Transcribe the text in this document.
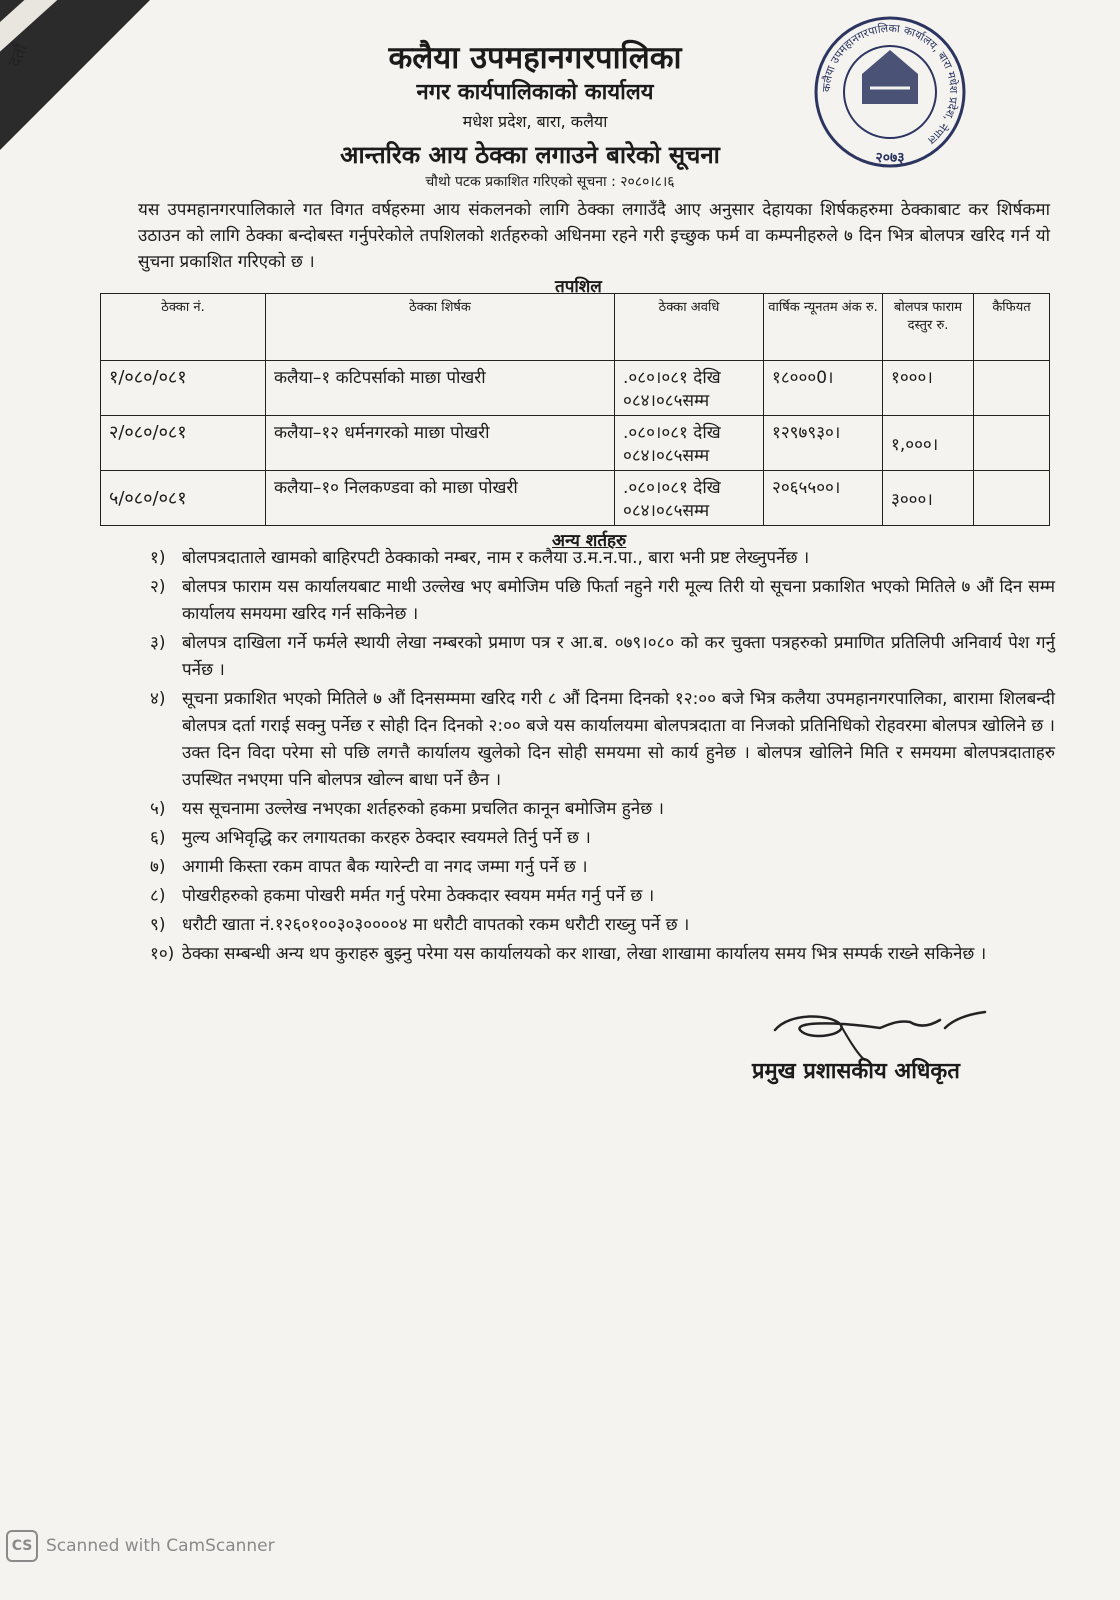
दर्ता	कलैया उपमहानगरपालिका
नगर कार्यपालिकाको कार्यालय
मधेश प्रदेश, बारा, कलैया
आन्तरिक आय ठेक्का लगाउने बारेको सूचना
चौथो पटक प्रकाशित गरिएको सूचना : २०८०।८।६
कलैया उपमहानगरपालिका कार्यालय, बारा मधेश प्रदेश, नेपाल
२०७३
यस उपमहानगरपालिकाले गत विगत वर्षहरुमा आय संकलनको लागि ठेक्का लगाउँदै आए अनुसार देहायका शिर्षकहरुमा ठेक्काबाट कर शिर्षकमा उठाउन को लागि ठेक्का बन्दोबस्त गर्नुपरेकोले तपशिलको शर्तहरुको अधिनमा रहने गरी इच्छुक फर्म वा कम्पनीहरुले ७ दिन भित्र बोलपत्र खरिद गर्न यो सुचना प्रकाशित गरिएको छ ।
तपशिल
ठेक्का नं.	ठेक्का शिर्षक	ठेक्का अवधि	वार्षिक न्यूनतम अंक रु.	बोलपत्र फाराम दस्तुर रु.	कैफियत
१/०८०/०८१	कलैया–१ कटिपर्साको माछा पोखरी	.०८०।०८१ देखि ०८४।०८५सम्म	१८०००0।	१०००।	
२/०८०/०८१	कलैया–१२ धर्मनगरको माछा पोखरी	.०८०।०८१ देखि ०८४।०८५सम्म	१२९७९३०।	१,०००।	
५/०८०/०८१	कलैया–१० निलकण्डवा को माछा पोखरी	.०८०।०८१ देखि ०८४।०८५सम्म	२०६५५००।	३०००।	
अन्य शर्तहरु
१) बोलपत्रदाताले खामको बाहिरपटी ठेक्काको नम्बर, नाम र कलैया उ.म.न.पा., बारा भनी प्रष्ट लेख्नुपर्नेछ ।
२) बोलपत्र फाराम यस कार्यालयबाट माथी उल्लेख भए बमोजिम पछि फिर्ता नहुने गरी मूल्य तिरी यो सूचना प्रकाशित भएको मितिले ७ औं दिन सम्म कार्यालय समयमा खरिद गर्न सकिनेछ ।
३) बोलपत्र दाखिला गर्ने फर्मले स्थायी लेखा नम्बरको प्रमाण पत्र र आ.ब. ०७९।०८० को कर चुक्ता पत्रहरुको प्रमाणित प्रतिलिपी अनिवार्य पेश गर्नु पर्नेछ ।
४) सूचना प्रकाशित भएको मितिले ७ औं दिनसम्ममा खरिद गरी ८ औं दिनमा दिनको १२:०० बजे भित्र कलैया उपमहानगरपालिका, बारामा शिलबन्दी बोलपत्र दर्ता गराई सक्नु पर्नेछ र सोही दिन दिनको २:०० बजे यस कार्यालयमा बोलपत्रदाता वा निजको प्रतिनिधिको रोहवरमा बोलपत्र खोलिने छ । उक्त दिन विदा परेमा सो पछि लगत्तै कार्यालय खुलेको दिन सोही समयमा सो कार्य हुनेछ । बोलपत्र खोलिने मिति र समयमा बोलपत्रदाताहरु उपस्थित नभएमा पनि बोलपत्र खोल्न बाधा पर्ने छैन ।
५) यस सूचनामा उल्लेख नभएका शर्तहरुको हकमा प्रचलित कानून बमोजिम हुनेछ ।
६) मुल्य अभिवृद्धि कर लगायतका करहरु ठेक्दार स्वयमले तिर्नु पर्ने छ ।
७) अगामी किस्ता रकम वापत बैक ग्यारेन्टी वा नगद जम्मा गर्नु पर्ने छ ।
८) पोखरीहरुको हकमा पोखरी मर्मत गर्नु परेमा ठेक्कदार स्वयम मर्मत गर्नु पर्ने छ ।
९) धरौटी खाता नं.१२६०१००३०३००००४ मा धरौटी वापतको रकम धरौटी राख्नु पर्ने छ ।
१०) ठेक्का सम्बन्धी अन्य थप कुराहरु बुझ्नु परेमा यस कार्यालयको कर शाखा, लेखा शाखामा कार्यालय समय भित्र सम्पर्क राख्ने सकिनेछ ।
प्रमुख प्रशासकीय अधिकृत
CS Scanned with CamScanner
